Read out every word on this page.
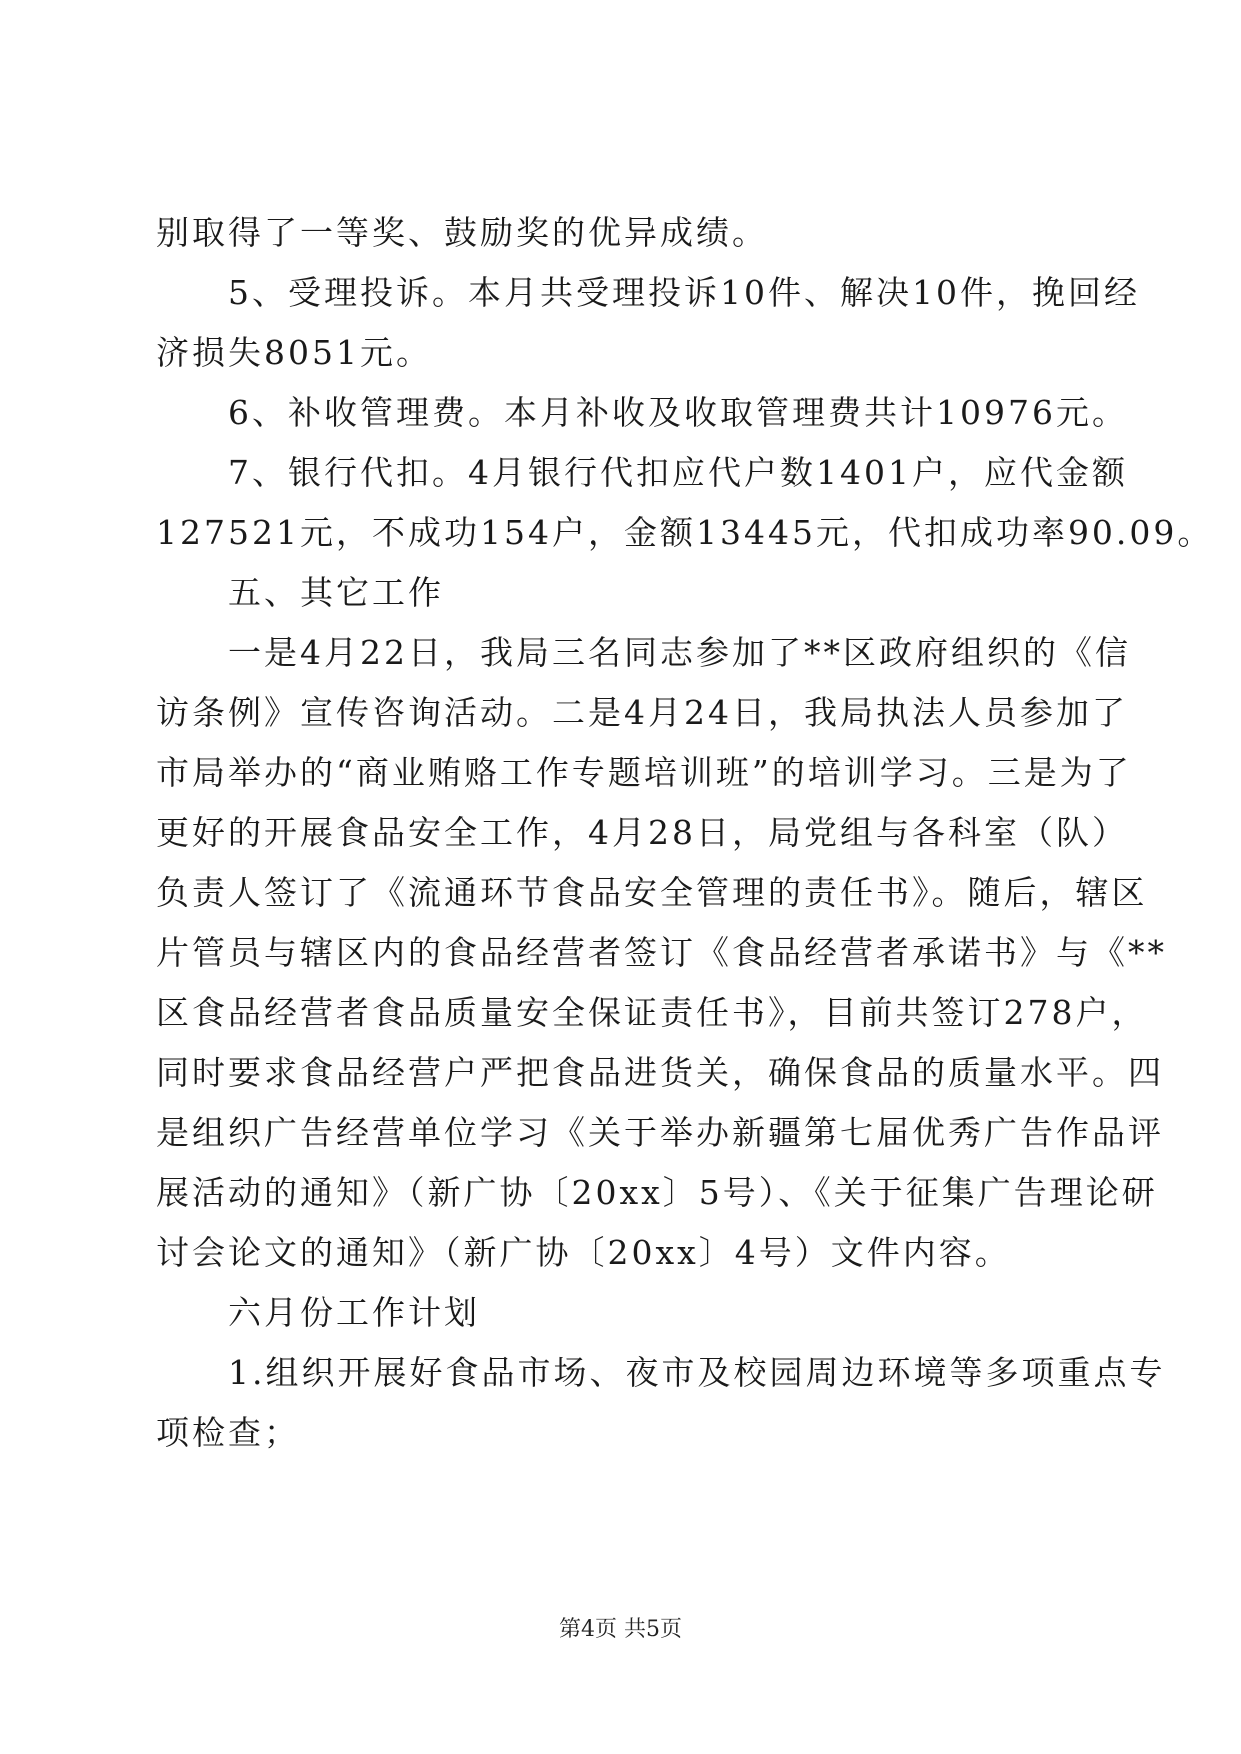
别取得了一等奖、鼓励奖的优异成绩。
5、受理投诉。本月共受理投诉10件、解决10件，挽回经
济损失8051元。
6、补收管理费。本月补收及收取管理费共计10976元。
7、银行代扣。4月银行代扣应代户数1401户，应代金额
127521元，不成功154户，金额13445元，代扣成功率90.09。
五、其它工作
一是4月22日，我局三名同志参加了**区政府组织的《信
访条例》宣传咨询活动。二是4月24日，我局执法人员参加了
市局举办的“商业贿赂工作专题培训班”的培训学习。三是为了
更好的开展食品安全工作，4月28日，局党组与各科室（队）
负责人签订了《流通环节食品安全管理的责任书》。随后，辖区
片管员与辖区内的食品经营者签订《食品经营者承诺书》与《**
区食品经营者食品质量安全保证责任书》，目前共签订278户，
同时要求食品经营户严把食品进货关，确保食品的质量水平。四
是组织广告经营单位学习《关于举办新疆第七届优秀广告作品评
展活动的通知》（新广协〔20xx〕5号）、《关于征集广告理论研
讨会论文的通知》（新广协〔20xx〕4号）文件内容。
六月份工作计划
1.组织开展好食品市场、夜市及校园周边环境等多项重点专
项检查；
第4页 共5页
